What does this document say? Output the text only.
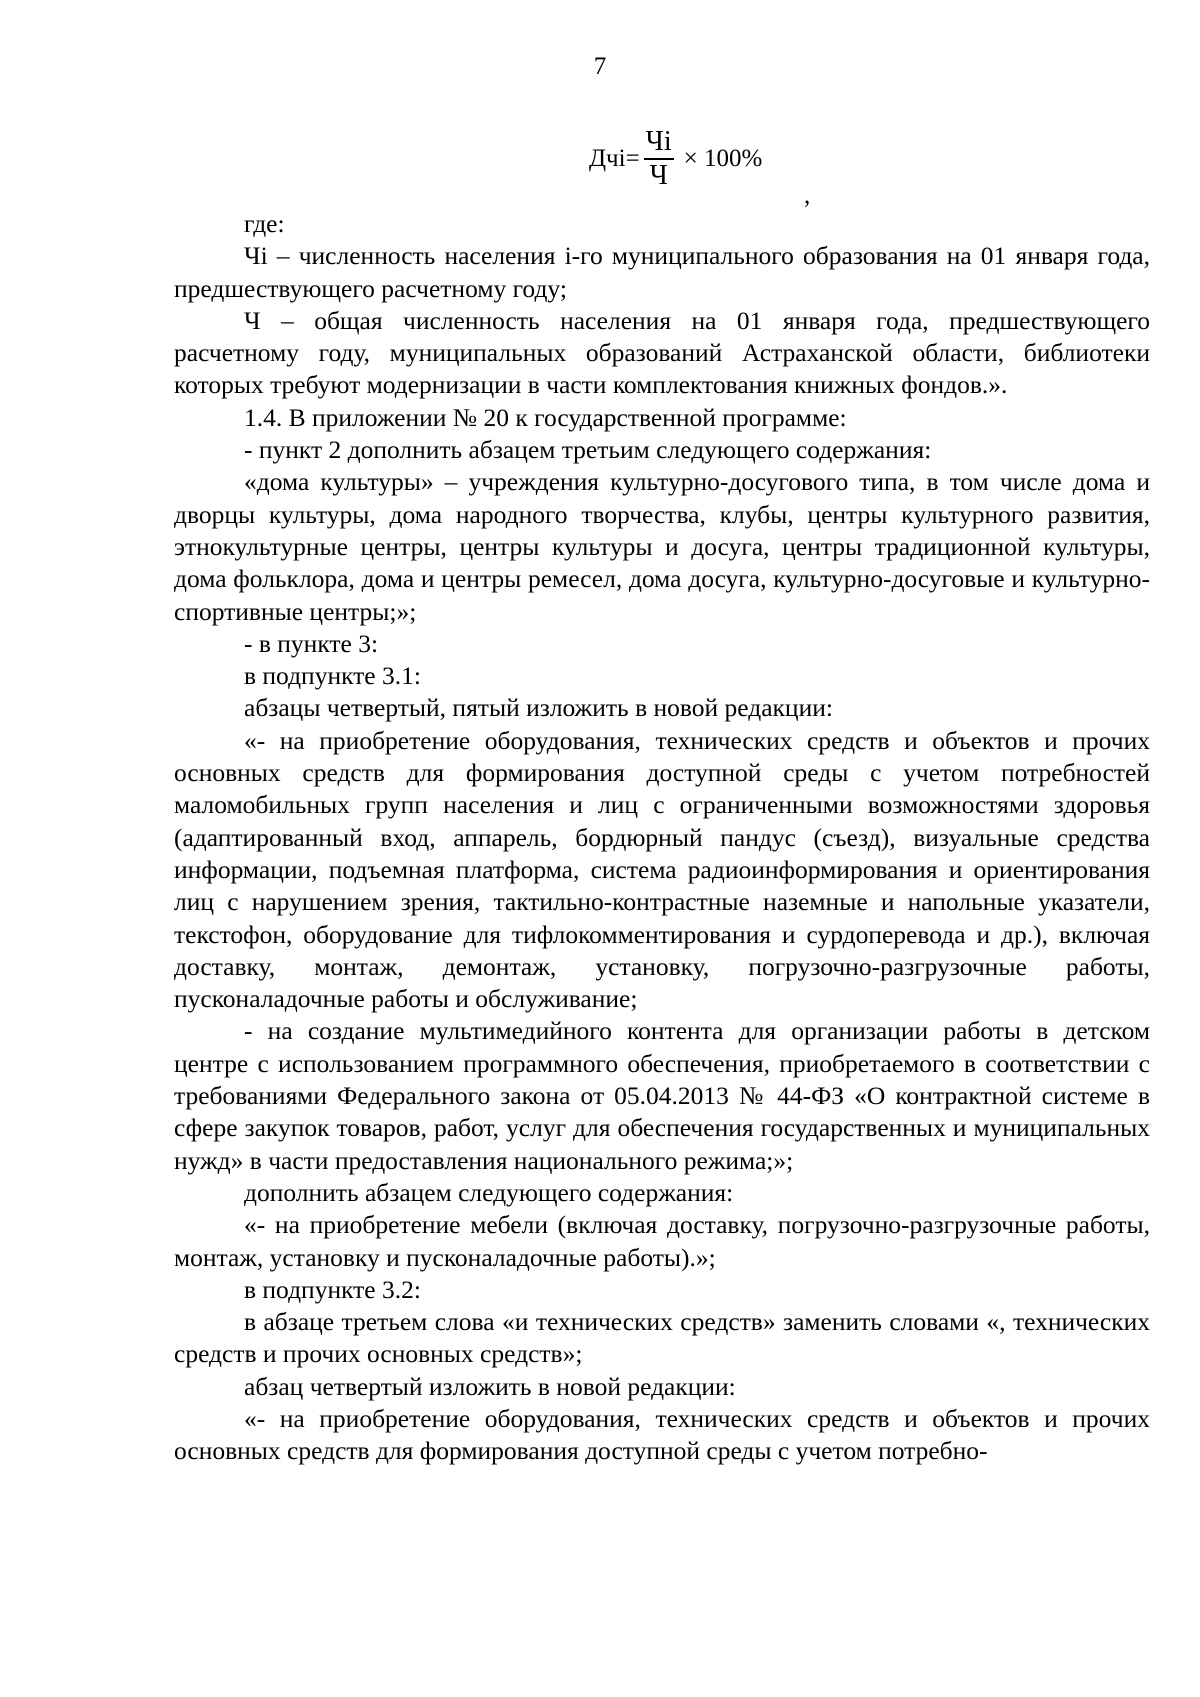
7
$Дчі= \frac{Чі}{Ч} \times 100\%$
,

где:

Чі – численность населения і-го муниципального образования на 01 января года, предшествующего расчетному году;

Ч – общая численность населения на 01 января года, предшествующего расчетному году, муниципальных образований Астраханской области, библиотеки которых требуют модернизации в части комплектования книжных фондов.».

1.4. В приложении № 20 к государственной программе:

- пункт 2 дополнить абзацем третьим следующего содержания:

«дома культуры» – учреждения культурно-досугового типа, в том числе дома и дворцы культуры, дома народного творчества, клубы, центры культурного развития, этнокультурные центры, центры культуры и досуга, центры традиционной культуры, дома фольклора, дома и центры ремесел, дома досуга, культурно-досуговые и культурно-спортивные центры;»;

- в пункте 3:

в подпункте 3.1:

абзацы четвертый, пятый изложить в новой редакции:

«- на приобретение оборудования, технических средств и объектов и прочих основных средств для формирования доступной среды с учетом потребностей маломобильных групп населения и лиц с ограниченными возможностями здоровья (адаптированный вход, аппарель, бордюрный пандус (съезд), визуальные средства информации, подъемная платформа, система радиоинформирования и ориентирования лиц с нарушением зрения, тактильно-контрастные наземные и напольные указатели, текстофон, оборудование для тифлокомментирования и сурдоперевода и др.), включая доставку, монтаж, демонтаж, установку, погрузочно-разгрузочные работы, пусконаладочные работы и обслуживание;

- на создание мультимедийного контента для организации работы в детском центре с использованием программного обеспечения, приобретаемого в соответствии с требованиями Федерального закона от 05.04.2013 № 44-ФЗ «О контрактной системе в сфере закупок товаров, работ, услуг для обеспечения государственных и муниципальных нужд» в части предоставления национального режима;»;

дополнить абзацем следующего содержания:

«- на приобретение мебели (включая доставку, погрузочно-разгрузочные работы, монтаж, установку и пусконаладочные работы).»;

в подпункте 3.2:

в абзаце третьем слова «и технических средств» заменить словами «, технических средств и прочих основных средств»;

абзац четвертый изложить в новой редакции:

«- на приобретение оборудования, технических средств и объектов и прочих основных средств для формирования доступной среды с учетом потребно-
